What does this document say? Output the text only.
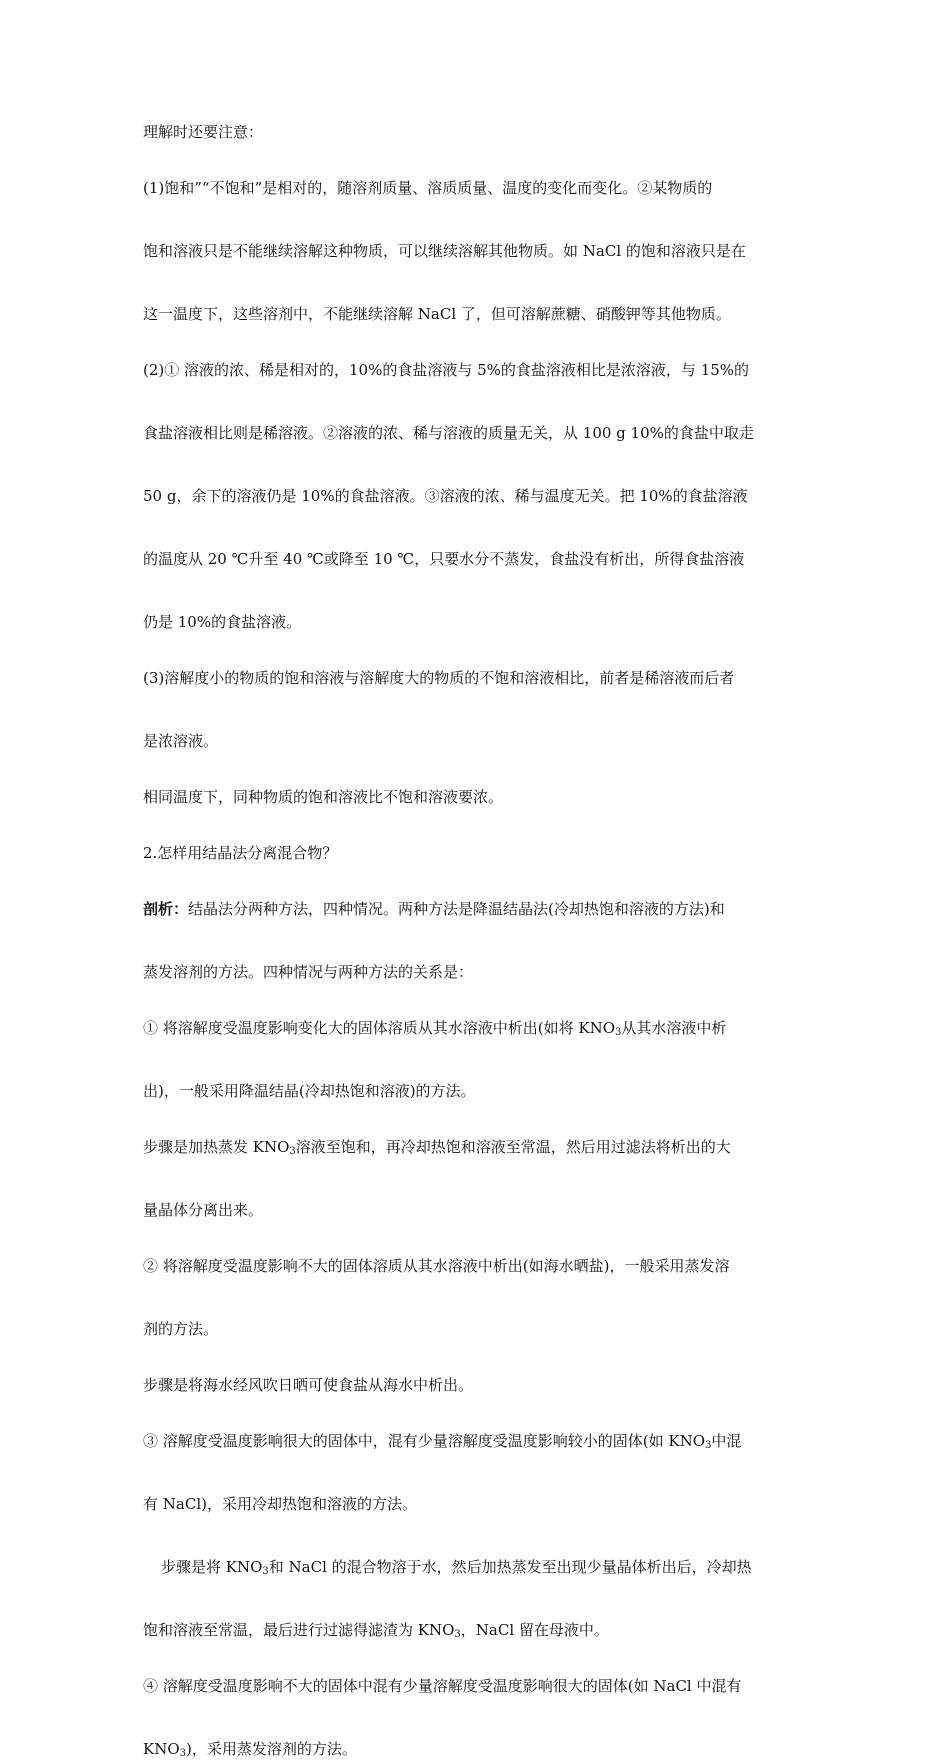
理解时还要注意：

(1)饱和”“不饱和”是相对的，随溶剂质量、溶质质量、温度的变化而变化。②某物质的

饱和溶液只是不能继续溶解这种物质，可以继续溶解其他物质。如 NaCl 的饱和溶液只是在

这一温度下，这些溶剂中，不能继续溶解 NaCl 了，但可溶解蔗糖、硝酸钾等其他物质。

(2)① 溶液的浓、稀是相对的，10%的食盐溶液与 5%的食盐溶液相比是浓溶液，与 15%的

食盐溶液相比则是稀溶液。②溶液的浓、稀与溶液的质量无关，从 100 g 10%的食盐中取走

50 g，余下的溶液仍是 10%的食盐溶液。③溶液的浓、稀与温度无关。把 10%的食盐溶液

的温度从 20 ℃升至 40 ℃或降至 10 ℃，只要水分不蒸发，食盐没有析出，所得食盐溶液

仍是 10%的食盐溶液。

(3)溶解度小的物质的饱和溶液与溶解度大的物质的不饱和溶液相比，前者是稀溶液而后者

是浓溶液。

相同温度下，同种物质的饱和溶液比不饱和溶液要浓。

2.怎样用结晶法分离混合物？

剖析：结晶法分两种方法，四种情况。两种方法是降温结晶法(冷却热饱和溶液的方法)和

蒸发溶剂的方法。四种情况与两种方法的关系是：

① 将溶解度受温度影响变化大的固体溶质从其水溶液中析出(如将 $KNO_3$从其水溶液中析

出)，一般采用降温结晶(冷却热饱和溶液)的方法。

步骤是加热蒸发 $KNO_3$溶液至饱和，再冷却热饱和溶液至常温，然后用过滤法将析出的大

量晶体分离出来。

② 将溶解度受温度影响不大的固体溶质从其水溶液中析出(如海水晒盐)，一般采用蒸发溶

剂的方法。

步骤是将海水经风吹日晒可使食盐从海水中析出。

③ 溶解度受温度影响很大的固体中，混有少量溶解度受温度影响较小的固体(如 $KNO_3$中混

有 NaCl)，采用冷却热饱和溶液的方法。

步骤是将 $KNO_3$和 NaCl 的混合物溶于水，然后加热蒸发至出现少量晶体析出后，冷却热

饱和溶液至常温，最后进行过滤得滤渣为 $KNO_3$，NaCl 留在母液中。

④ 溶解度受温度影响不大的固体中混有少量溶解度受温度影响很大的固体(如 NaCl 中混有

$KNO_3$)，采用蒸发溶剂的方法。
